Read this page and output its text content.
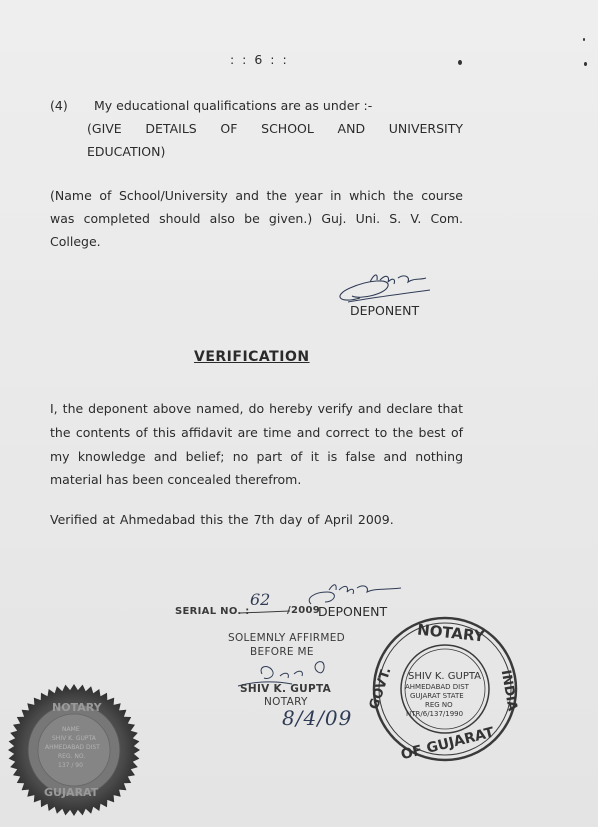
: : 6 : :
(4) My educational qualifications are as under :-
(GIVE DETAILS OF SCHOOL AND UNIVERSITY
EDUCATION)
(Name of School/University and the year in which the course
was completed should also be given.) Guj. Uni. S. V. Com.
College.
DEPONENT
VERIFICATION
I, the deponent above named, do hereby verify and declare that
the contents of this affidavit are time and correct to the best of
my knowledge and belief; no part of it is false and nothing
material has been concealed therefrom.
Verified at Ahmedabad this the 7th day of April 2009.
SERIAL NO. :
62
/2009
DEPONENT
SOLEMNLY AFFIRMED
BEFORE ME
SHIV K. GUPTA
NOTARY
8/4/09
NOTARY
GOVT.
OF GUJARAT
INDIA
SHIV K. GUPTA
AHMEDABAD DIST
GUJARAT STATE
REG NO
NTR/6/137/1990
NOTARY
GUJARAT
NAME
SHIV K. GUPTA
AHMEDABAD DIST
REG. NO.
137 / 90
